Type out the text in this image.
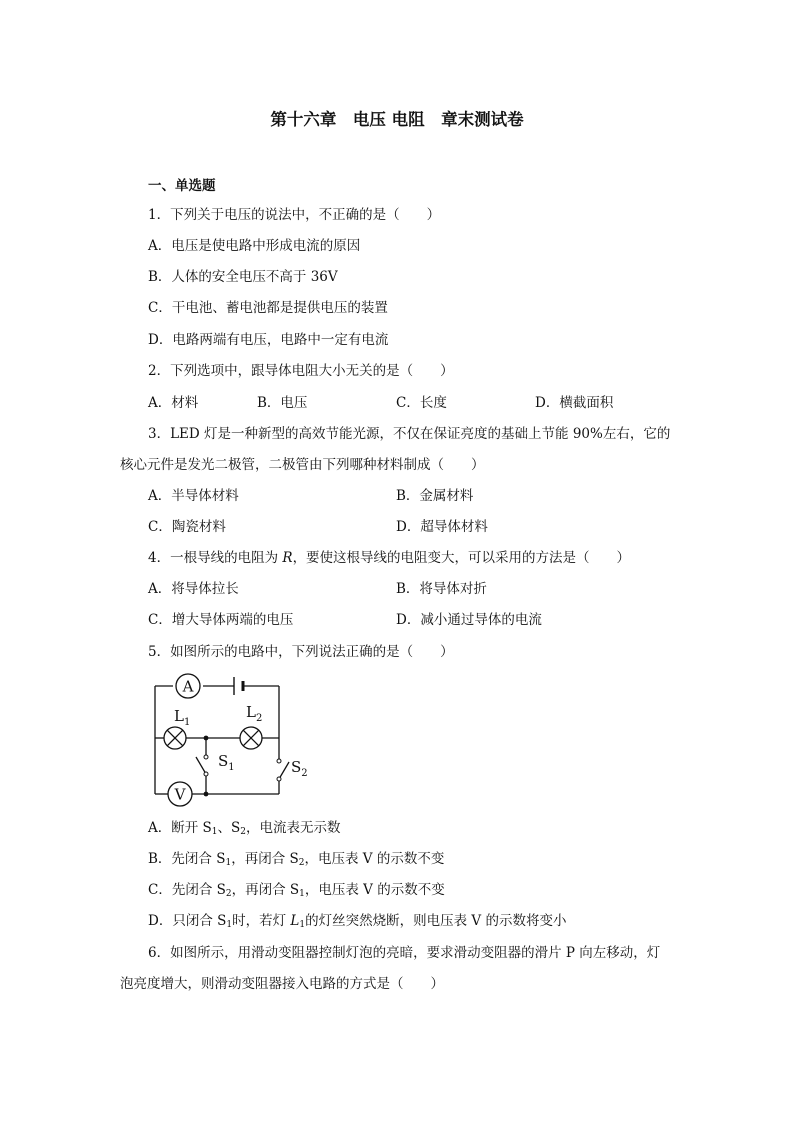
第十六章　电压 电阻　章末测试卷
一、单选题
1．下列关于电压的说法中，不正确的是（　　）
A．电压是使电路中形成电流的原因
B．人体的安全电压不高于 36V
C．干电池、蓄电池都是提供电压的装置
D．电路两端有电压，电路中一定有电流
2．下列选项中，跟导体电阻大小无关的是（　　）
A．材料	B．电压	C．长度	D．横截面积
3．LED 灯是一种新型的高效节能光源，不仅在保证亮度的基础上节能 90%左右，它的
核心元件是发光二极管，二极管由下列哪种材料制成（　　）
A．半导体材料	B．金属材料
C．陶瓷材料	D．超导体材料
4．一根导线的电阻为 R，要使这根导线的电阻变大，可以采用的方法是（　　）
A．将导体拉长	B．将导体对折
C．增大导体两端的电压	D．减小通过导体的电流
5．如图所示的电路中，下列说法正确的是（　　）
A
V
$L_1$
$L_2$
$S_1$	$S_2$
A．断开 $S_1$、$S_2$，电流表无示数
B．先闭合 $S_1$，再闭合 $S_2$，电压表 V 的示数不变
C．先闭合 $S_2$，再闭合 $S_1$，电压表 V 的示数不变
D．只闭合 $S_1$时，若灯 $L_1$的灯丝突然烧断，则电压表 V 的示数将变小
6．如图所示，用滑动变阻器控制灯泡的亮暗，要求滑动变阻器的滑片 P 向左移动，灯
泡亮度增大，则滑动变阻器接入电路的方式是（　　）
